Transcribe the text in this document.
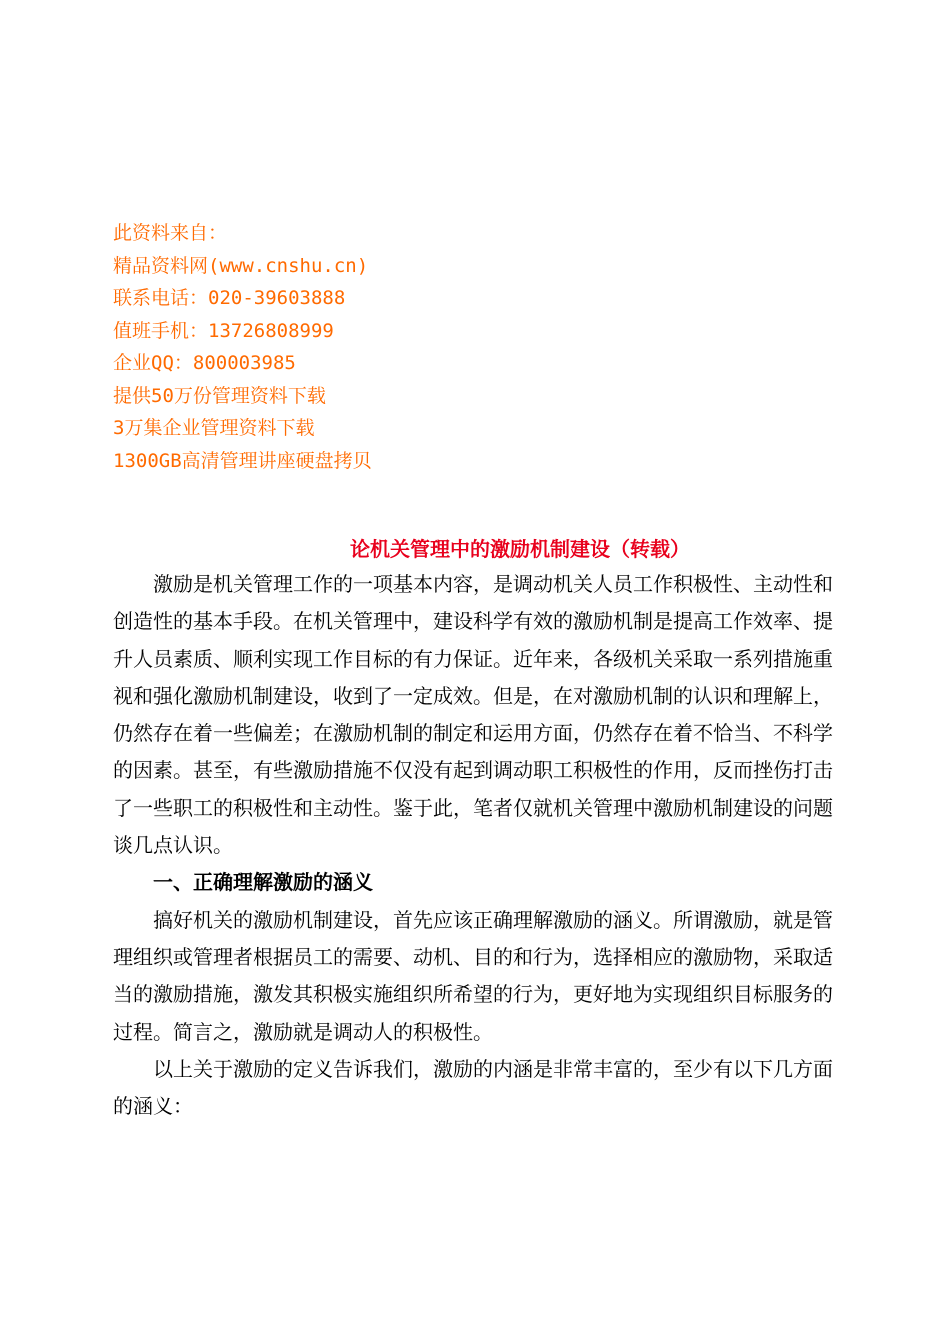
此资料来自：
精品资料网(www.cnshu.cn)
联系电话：020-39603888
值班手机：13726808999
企业QQ：800003985
提供50万份管理资料下载
3万集企业管理资料下载
1300GB高清管理讲座硬盘拷贝
论机关管理中的激励机制建设（转载）

激励是机关管理工作的一项基本内容，是调动机关人员工作积极性、主动性和创造性的基本手段。在机关管理中，建设科学有效的激励机制是提高工作效率、提升人员素质、顺利实现工作目标的有力保证。近年来，各级机关采取一系列措施重视和强化激励机制建设，收到了一定成效。但是，在对激励机制的认识和理解上，仍然存在着一些偏差；在激励机制的制定和运用方面，仍然存在着不恰当、不科学的因素。甚至，有些激励措施不仅没有起到调动职工积极性的作用，反而挫伤打击了一些职工的积极性和主动性。鉴于此，笔者仅就机关管理中激励机制建设的问题谈几点认识。

一、正确理解激励的涵义

搞好机关的激励机制建设，首先应该正确理解激励的涵义。所谓激励，就是管理组织或管理者根据员工的需要、动机、目的和行为，选择相应的激励物，采取适当的激励措施，激发其积极实施组织所希望的行为，更好地为实现组织目标服务的过程。简言之，激励就是调动人的积极性。

以上关于激励的定义告诉我们，激励的内涵是非常丰富的，至少有以下几方面的涵义：
